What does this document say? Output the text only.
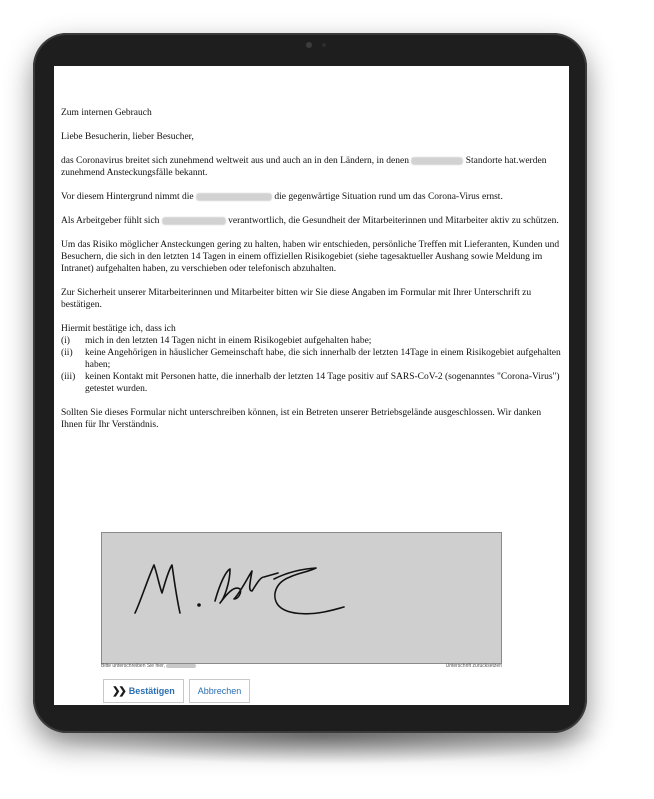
Zum internen Gebrauch

Liebe Besucherin, lieber Besucher,

das Coronavirus breitet sich zunehmend weltweit aus und auch an in den Ländern, in denen	Standorte hat.werden zunehmend Ansteckungsfälle bekannt.

Vor diesem Hintergrund nimmt die	die gegenwärtige Situation rund um das Corona-Virus ernst.

Als Arbeitgeber fühlt sich	verantwortlich, die Gesundheit der Mitarbeiterinnen und Mitarbeiter aktiv zu schützen.

Um das Risiko möglicher Ansteckungen gering zu halten, haben wir entschieden, persönliche Treffen mit Lieferanten, Kunden und Besuchern, die sich in den letzten 14 Tagen in einem offiziellen Risikogebiet (siehe tagesaktueller Aushang sowie Meldung im Intranet) aufgehalten haben, zu verschieben oder telefonisch abzuhalten.

Zur Sicherheit unserer Mitarbeiterinnen und Mitarbeiter bitten wir Sie diese Angaben im Formular mit Ihrer Unterschrift zu bestätigen.

Hiermit bestätige ich, dass ich
(i)	mich in den letzten 14 Tagen nicht in einem Risikogebiet aufgehalten habe;
(ii)	keine Angehörigen in häuslicher Gemeinschaft habe, die sich innerhalb der letzten 14Tage in einem Risikogebiet aufgehalten haben;
(iii)	keinen Kontakt mit Personen hatte, die innerhalb der letzten 14 Tage positiv auf SARS-CoV-2 (sogenanntes "Corona-Virus") getestet wurden.

Sollten Sie dieses Formular nicht unterschreiben können, ist ein Betreten unserer Betriebsgelände ausgeschlossen. Wir danken Ihnen für Ihr Verständnis.

Bitte unterschreiben Sie hier,	Unterschrift zurücksetzen
❯❯ Bestätigen	Abbrechen
